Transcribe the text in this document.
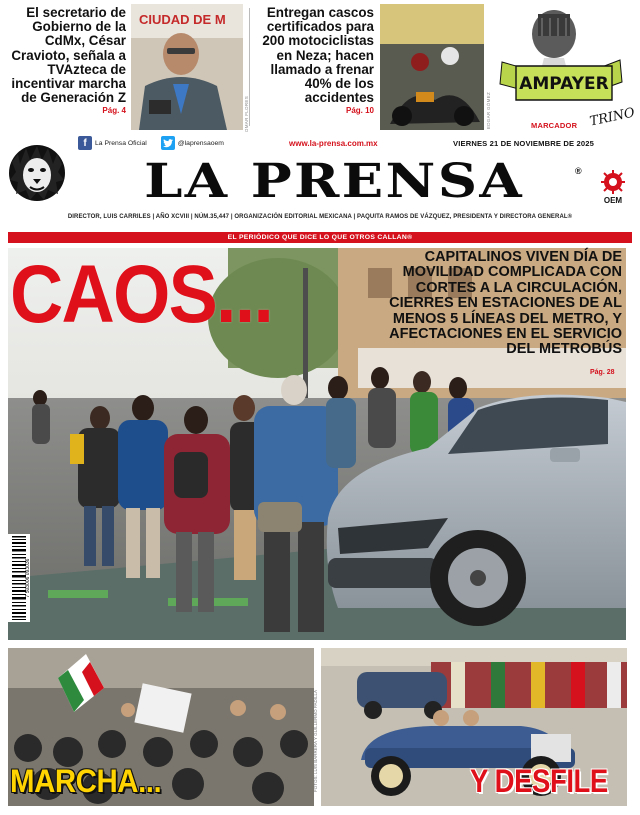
El secretario de Gobierno de la CdMx, César Cravioto, señala a TVAzteca de incentivar marcha de Generación Z
Pág. 4
CIUDAD DE M
OMAR FLORES
Entregan cascos certificados para 200 motociclistas en Neza; hacen llamado a frenar 40% de los accidentes
Pág. 10	EDGAR GÓMEZ
AMPAYER
TRINO
MARCADOR
f	La Prensa Oficial	@laprensaoem	www.la-prensa.com.mx	VIERNES 21 DE NOVIEMBRE DE 2025
LA PRENSA	®
OEM
DIRECTOR, LUIS CARRILES | AÑO XCVIII | NÚM.35,447 | ORGANIZACIÓN EDITORIAL MEXICANA | PAQUITA RAMOS DE VÁZQUEZ, PRESIDENTA Y DIRECTORA GENERAL®
EL PERIÓDICO QUE DICE LO QUE OTROS CALLAN®
CAOS...	CAPITALINOS VIVEN DÍA DE MOVILIDAD COMPLICADA CON CORTES A LA CIRCULACIÓN, CIERRES EN ESTACIONES DE AL MENOS 5 LÍNEAS DEL METRO, Y AFECTACIONES EN EL SERVICIO DEL METROBÚS
Pág. 28
7 503006 093036
FOTOS: LUIS BARRERA Y GUILLERMO PADILLA
MARCHA...	Y DESFILE
